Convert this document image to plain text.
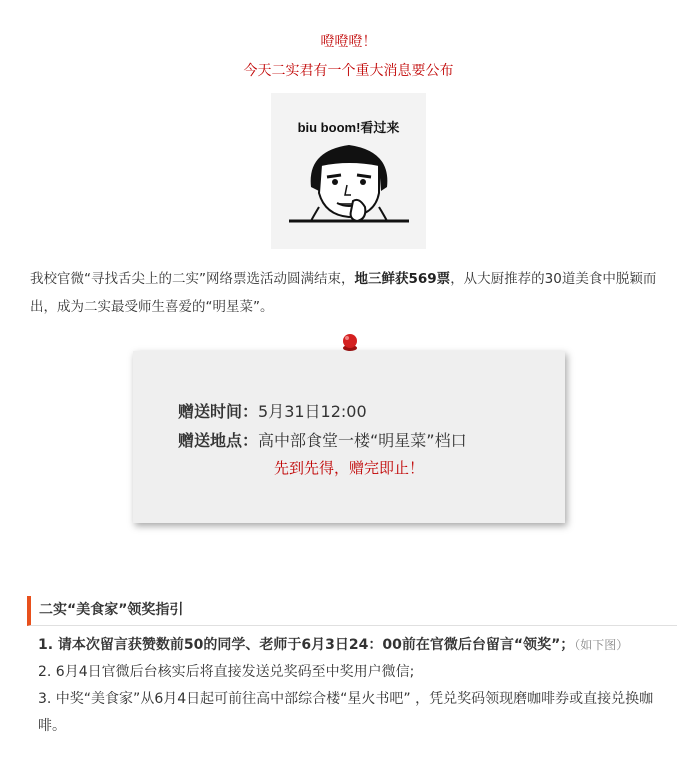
噔噔噔！
今天二实君有一个重大消息要公布
biu boom!看过来
我校官微“寻找舌尖上的二实”网络票选活动圆满结束，地三鲜获569票，从大厨推荐的30道美食中脱颖而出，成为二实最受师生喜爱的“明星菜”。
赠送时间：5月31日12:00
赠送地点：高中部食堂一楼“明星菜”档口
先到先得，赠完即止！
二实“美食家”领奖指引
1. 请本次留言获赞数前50的同学、老师于6月3日24：00前在官微后台留言“领奖”；（如下图）
2. 6月4日官微后台核实后将直接发送兑奖码至中奖用户微信;
3. 中奖“美食家”从6月4日起可前往高中部综合楼“星火书吧” ，凭兑奖码领现磨咖啡券或直接兑换咖啡。
